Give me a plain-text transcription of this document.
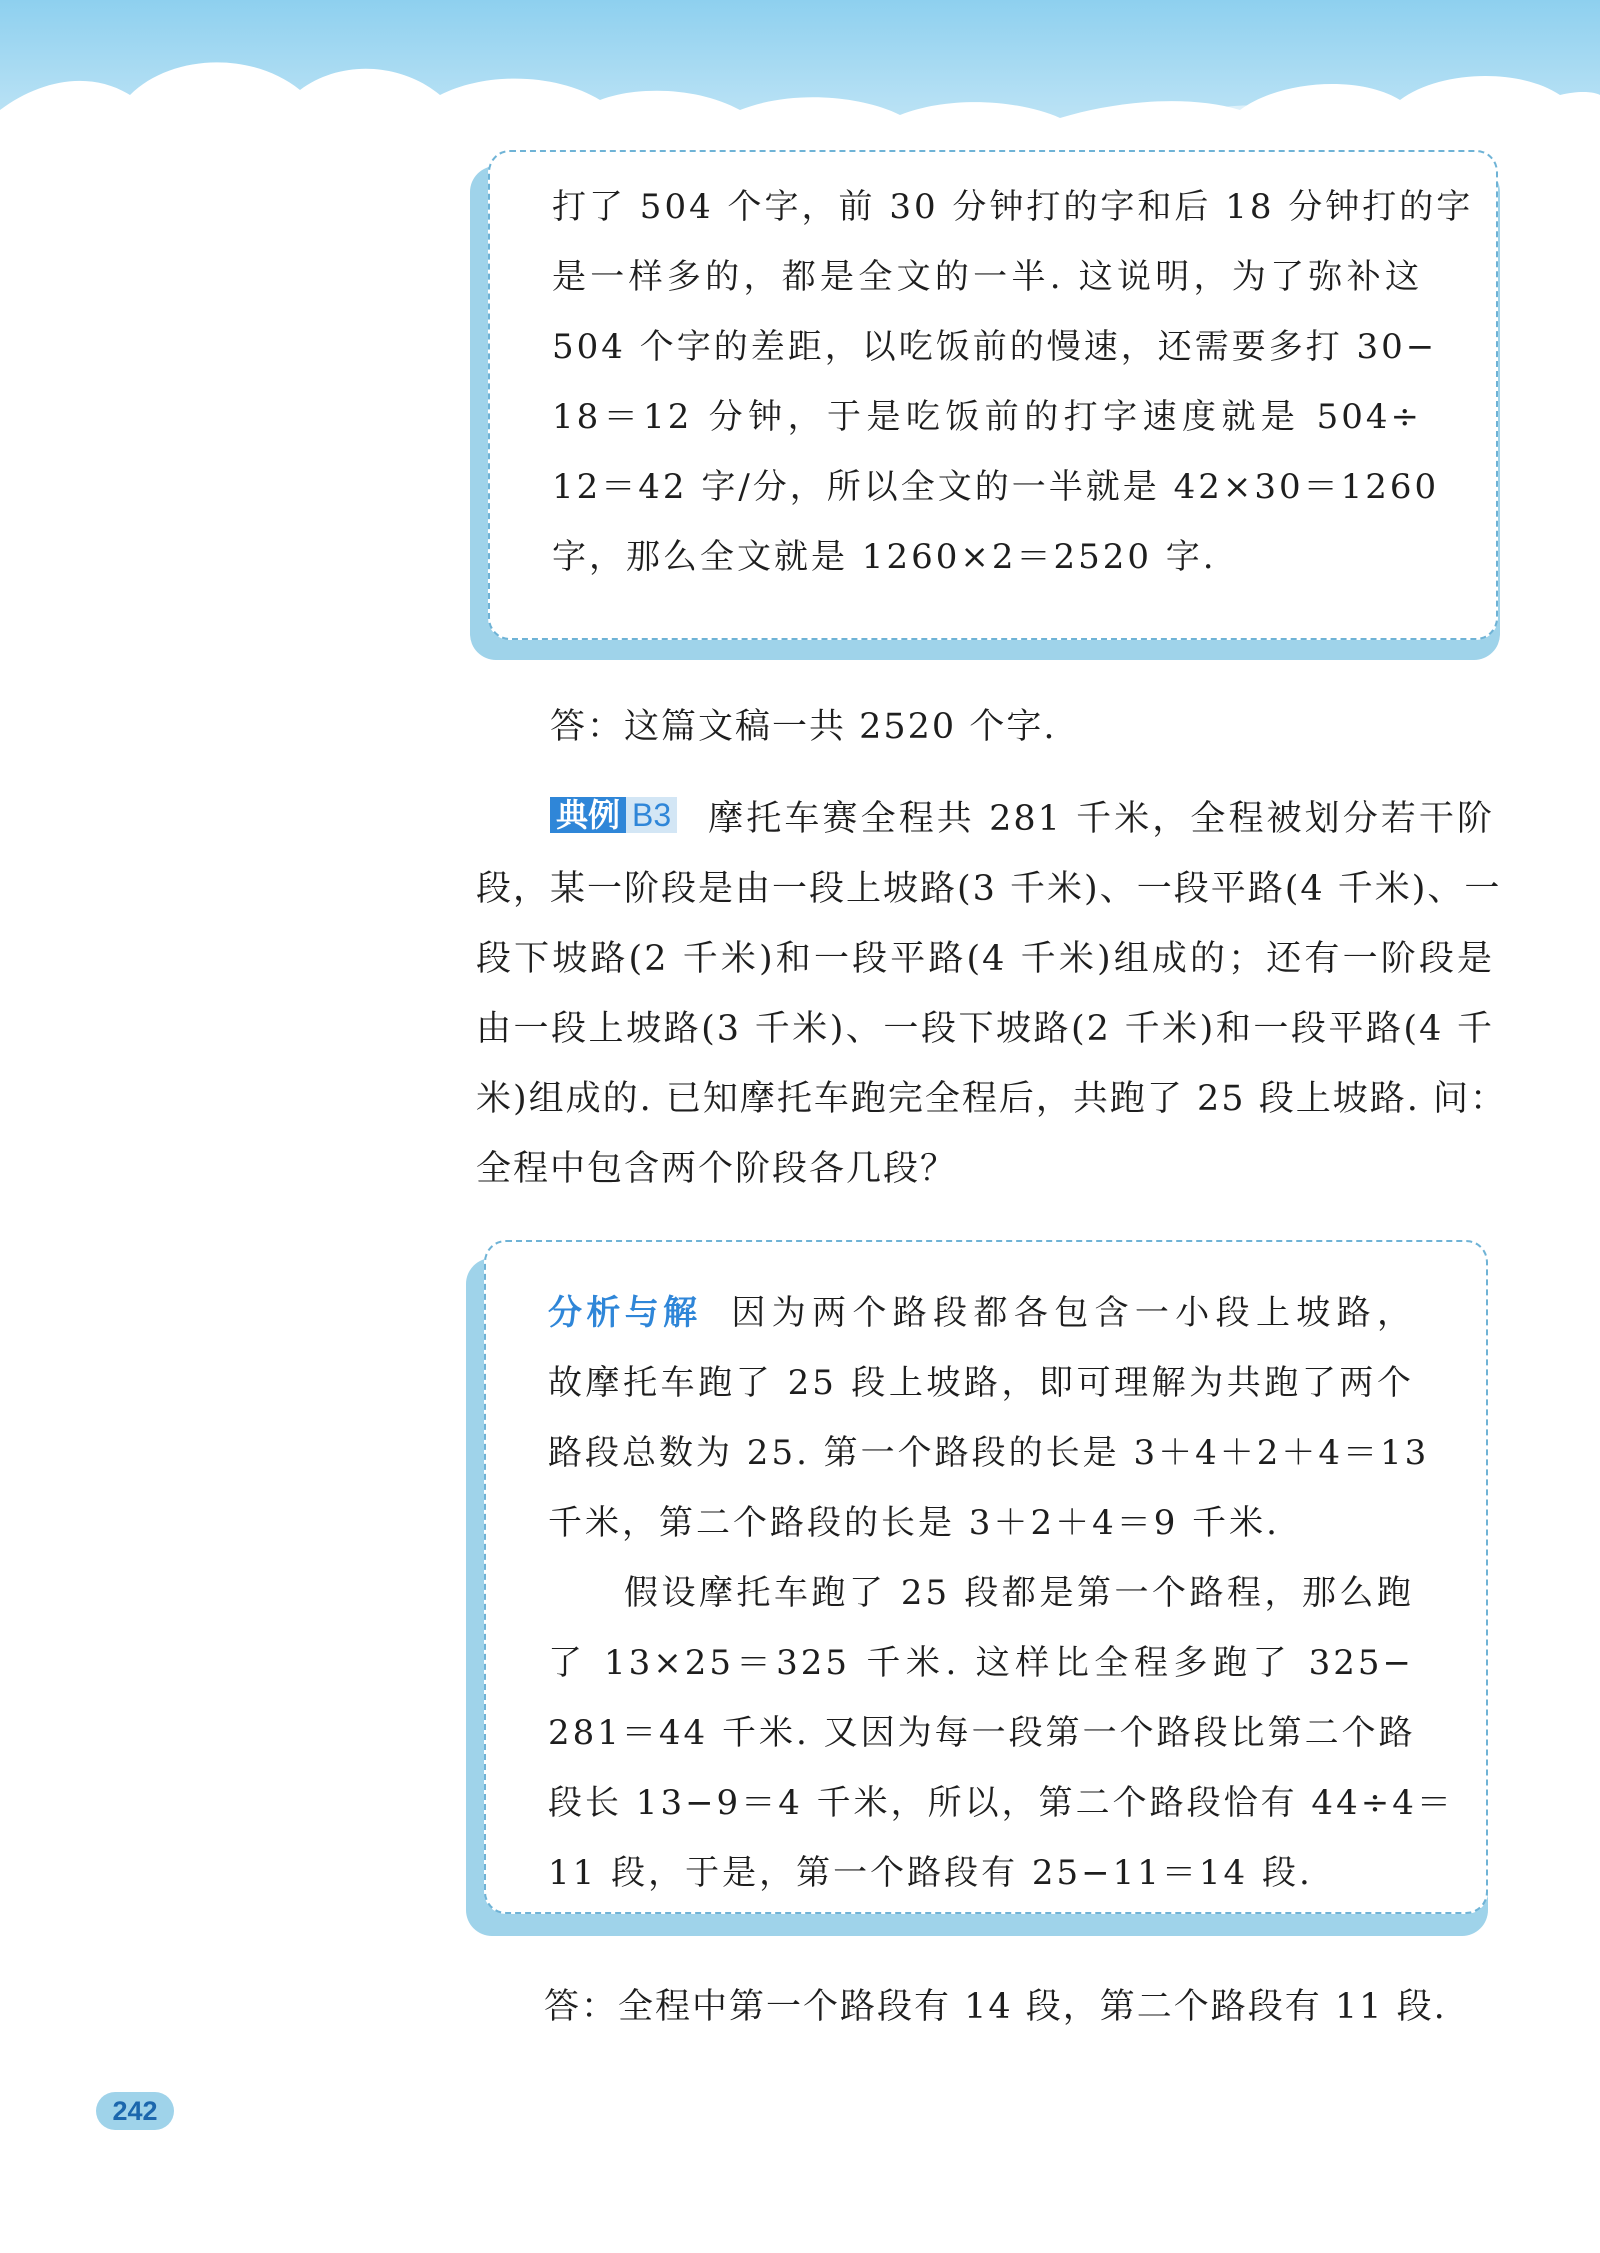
打了 504 个字，前 30 分钟打的字和后 18 分钟打的字
是一样多的，都是全文的一半. 这说明，为了弥补这
504 个字的差距，以吃饭前的慢速，还需要多打 30−
18＝12 分钟，于是吃饭前的打字速度就是 504÷
12＝42 字/分，所以全文的一半就是 42×30＝1260
字，那么全文就是 1260×2＝2520 字.
答：这篇文稿一共 2520 个字.
典例 B3 摩托车赛全程共 281 千米，全程被划分若干阶
段，某一阶段是由一段上坡路(3 千米)、一段平路(4 千米)、一
段下坡路(2 千米)和一段平路(4 千米)组成的；还有一阶段是
由一段上坡路(3 千米)、一段下坡路(2 千米)和一段平路(4 千
米)组成的. 已知摩托车跑完全程后，共跑了 25 段上坡路. 问：
全程中包含两个阶段各几段？
分析与解 因为两个路段都各包含一小段上坡路，
故摩托车跑了 25 段上坡路，即可理解为共跑了两个
路段总数为 25. 第一个路段的长是 3＋4＋2＋4＝13
千米，第二个路段的长是 3＋2＋4＝9 千米.
假设摩托车跑了 25 段都是第一个路程，那么跑
了 13×25＝325 千米. 这样比全程多跑了 325−
281＝44 千米. 又因为每一段第一个路段比第二个路
段长 13−9＝4 千米，所以，第二个路段恰有 44÷4＝
11 段，于是，第一个路段有 25−11＝14 段.
答：全程中第一个路段有 14 段，第二个路段有 11 段.
242
